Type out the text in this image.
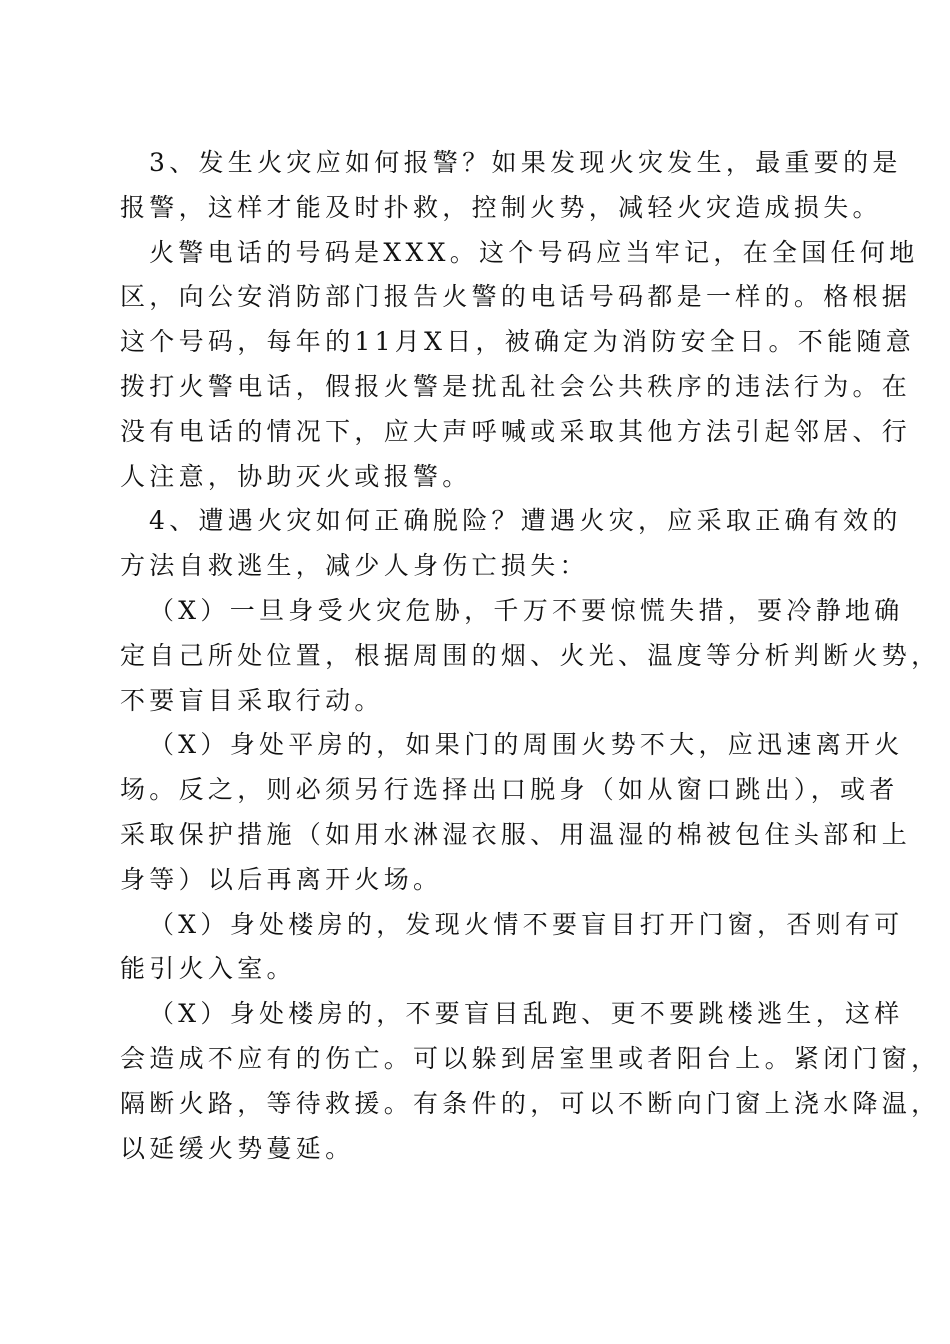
3、发生火灾应如何报警？如果发现火灾发生，最重要的是
报警，这样才能及时扑救，控制火势，减轻火灾造成损失。

火警电话的号码是XXX。这个号码应当牢记，在全国任何地
区，向公安消防部门报告火警的电话号码都是一样的。格根据
这个号码，每年的11月X日，被确定为消防安全日。不能随意
拨打火警电话，假报火警是扰乱社会公共秩序的违法行为。在
没有电话的情况下，应大声呼喊或采取其他方法引起邻居、行
人注意，协助灭火或报警。

4、遭遇火灾如何正确脱险？遭遇火灾，应采取正确有效的
方法自救逃生，减少人身伤亡损失：

（X）一旦身受火灾危胁，千万不要惊慌失措，要冷静地确
定自己所处位置，根据周围的烟、火光、温度等分析判断火势，
不要盲目采取行动。

（X）身处平房的，如果门的周围火势不大，应迅速离开火
场。反之，则必须另行选择出口脱身（如从窗口跳出），或者
采取保护措施（如用水淋湿衣服、用温湿的棉被包住头部和上
身等）以后再离开火场。

（X）身处楼房的，发现火情不要盲目打开门窗，否则有可
能引火入室。

（X）身处楼房的，不要盲目乱跑、更不要跳楼逃生，这样
会造成不应有的伤亡。可以躲到居室里或者阳台上。紧闭门窗，
隔断火路，等待救援。有条件的，可以不断向门窗上浇水降温，
以延缓火势蔓延。
